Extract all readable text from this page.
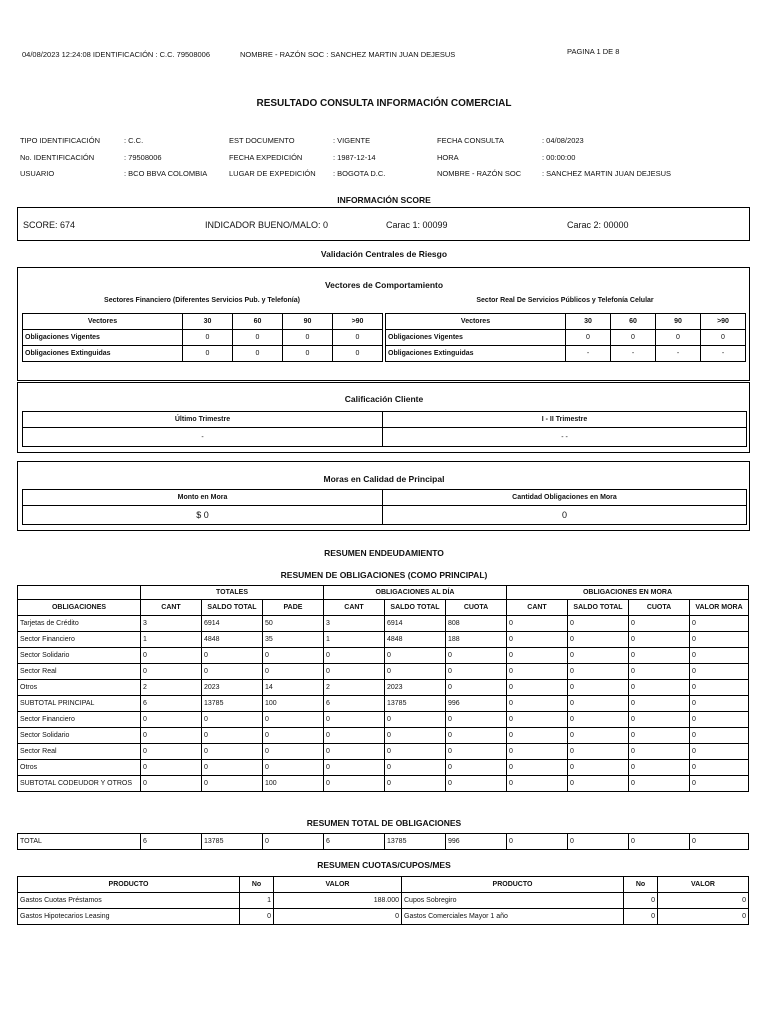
04/08/2023 12:24:08 IDENTIFICACIÓN : C.C. 79508006	NOMBRE - RAZÓN SOC : SANCHEZ MARTIN JUAN DEJESUS	PAGINA 1 DE 8
RESULTADO CONSULTA INFORMACIÓN COMERCIAL
TIPO IDENTIFICACIÓN	: C.C.	EST DOCUMENTO	: VIGENTE	FECHA CONSULTA	: 04/08/2023
No. IDENTIFICACIÓN	: 79508006	FECHA EXPEDICIÓN	: 1987-12-14	HORA	: 00:00:00
USUARIO	: BCO BBVA COLOMBIA	LUGAR DE EXPEDICIÓN : BOGOTA D.C.	NOMBRE - RAZÓN SOC	: SANCHEZ MARTIN JUAN DEJESUS
INFORMACIÓN SCORE
SCORE: 674	INDICADOR BUENO/MALO: 0	Carac 1: 00099	Carac 2: 00000
Validación Centrales de Riesgo
Vectores de Comportamiento
Sectores Financiero (Diferentes Servicios Pub. y Telefonía)	Sector Real De Servicios Públicos y Telefonía Celular
Vectores	30	60	90	>90
Obligaciones Vigentes	0	0	0	0
Obligaciones Extinguidas	0	0	0	0
Vectores	30	60	90	>90
Obligaciones Vigentes	0	0	0	0
Obligaciones Extinguidas	-	-	-	-
Calificación Cliente
Último Trimestre	I - II Trimestre
-	- -
Moras en Calidad de Principal
Monto en Mora	Cantidad Obligaciones en Mora
$ 0	0
RESUMEN ENDEUDAMIENTO
RESUMEN DE OBLIGACIONES (COMO PRINCIPAL)
	TOTALES			OBLIGACIONES AL DÍA			OBLIGACIONES EN MORA			
OBLIGACIONES	CANT	SALDO TOTAL	PADE	CANT	SALDO TOTAL	CUOTA	CANT	SALDO TOTAL	CUOTA	VALOR MORA
Tarjetas de Crédito	3	6914	50	3	6914	808	0	0	0	0
Sector Financiero	1	4848	35	1	4848	188	0	0	0	0
Sector Solidario	0	0	0	0	0	0	0	0	0	0
Sector Real	0	0	0	0	0	0	0	0	0	0
Otros	2	2023	14	2	2023	0	0	0	0	0
SUBTOTAL PRINCIPAL	6	13785	100	6	13785	996	0	0	0	0
Sector Financiero	0	0	0	0	0	0	0	0	0	0
Sector Solidario	0	0	0	0	0	0	0	0	0	0
Sector Real	0	0	0	0	0	0	0	0	0	0
Otros	0	0	0	0	0	0	0	0	0	0
SUBTOTAL CODEUDOR Y OTROS	0	0	100	0	0	0	0	0	0	0
RESUMEN TOTAL DE OBLIGACIONES
TOTAL	6	13785	0	6	13785	996	0	0	0	0
RESUMEN CUOTAS/CUPOS/MES
PRODUCTO	No	VALOR	PRODUCTO	No	VALOR
Gastos Cuotas Préstamos	1	188.000	Cupos Sobregiro	0	0
Gastos Hipotecarios Leasing	0	0	Gastos Comerciales Mayor 1 año	0	0
